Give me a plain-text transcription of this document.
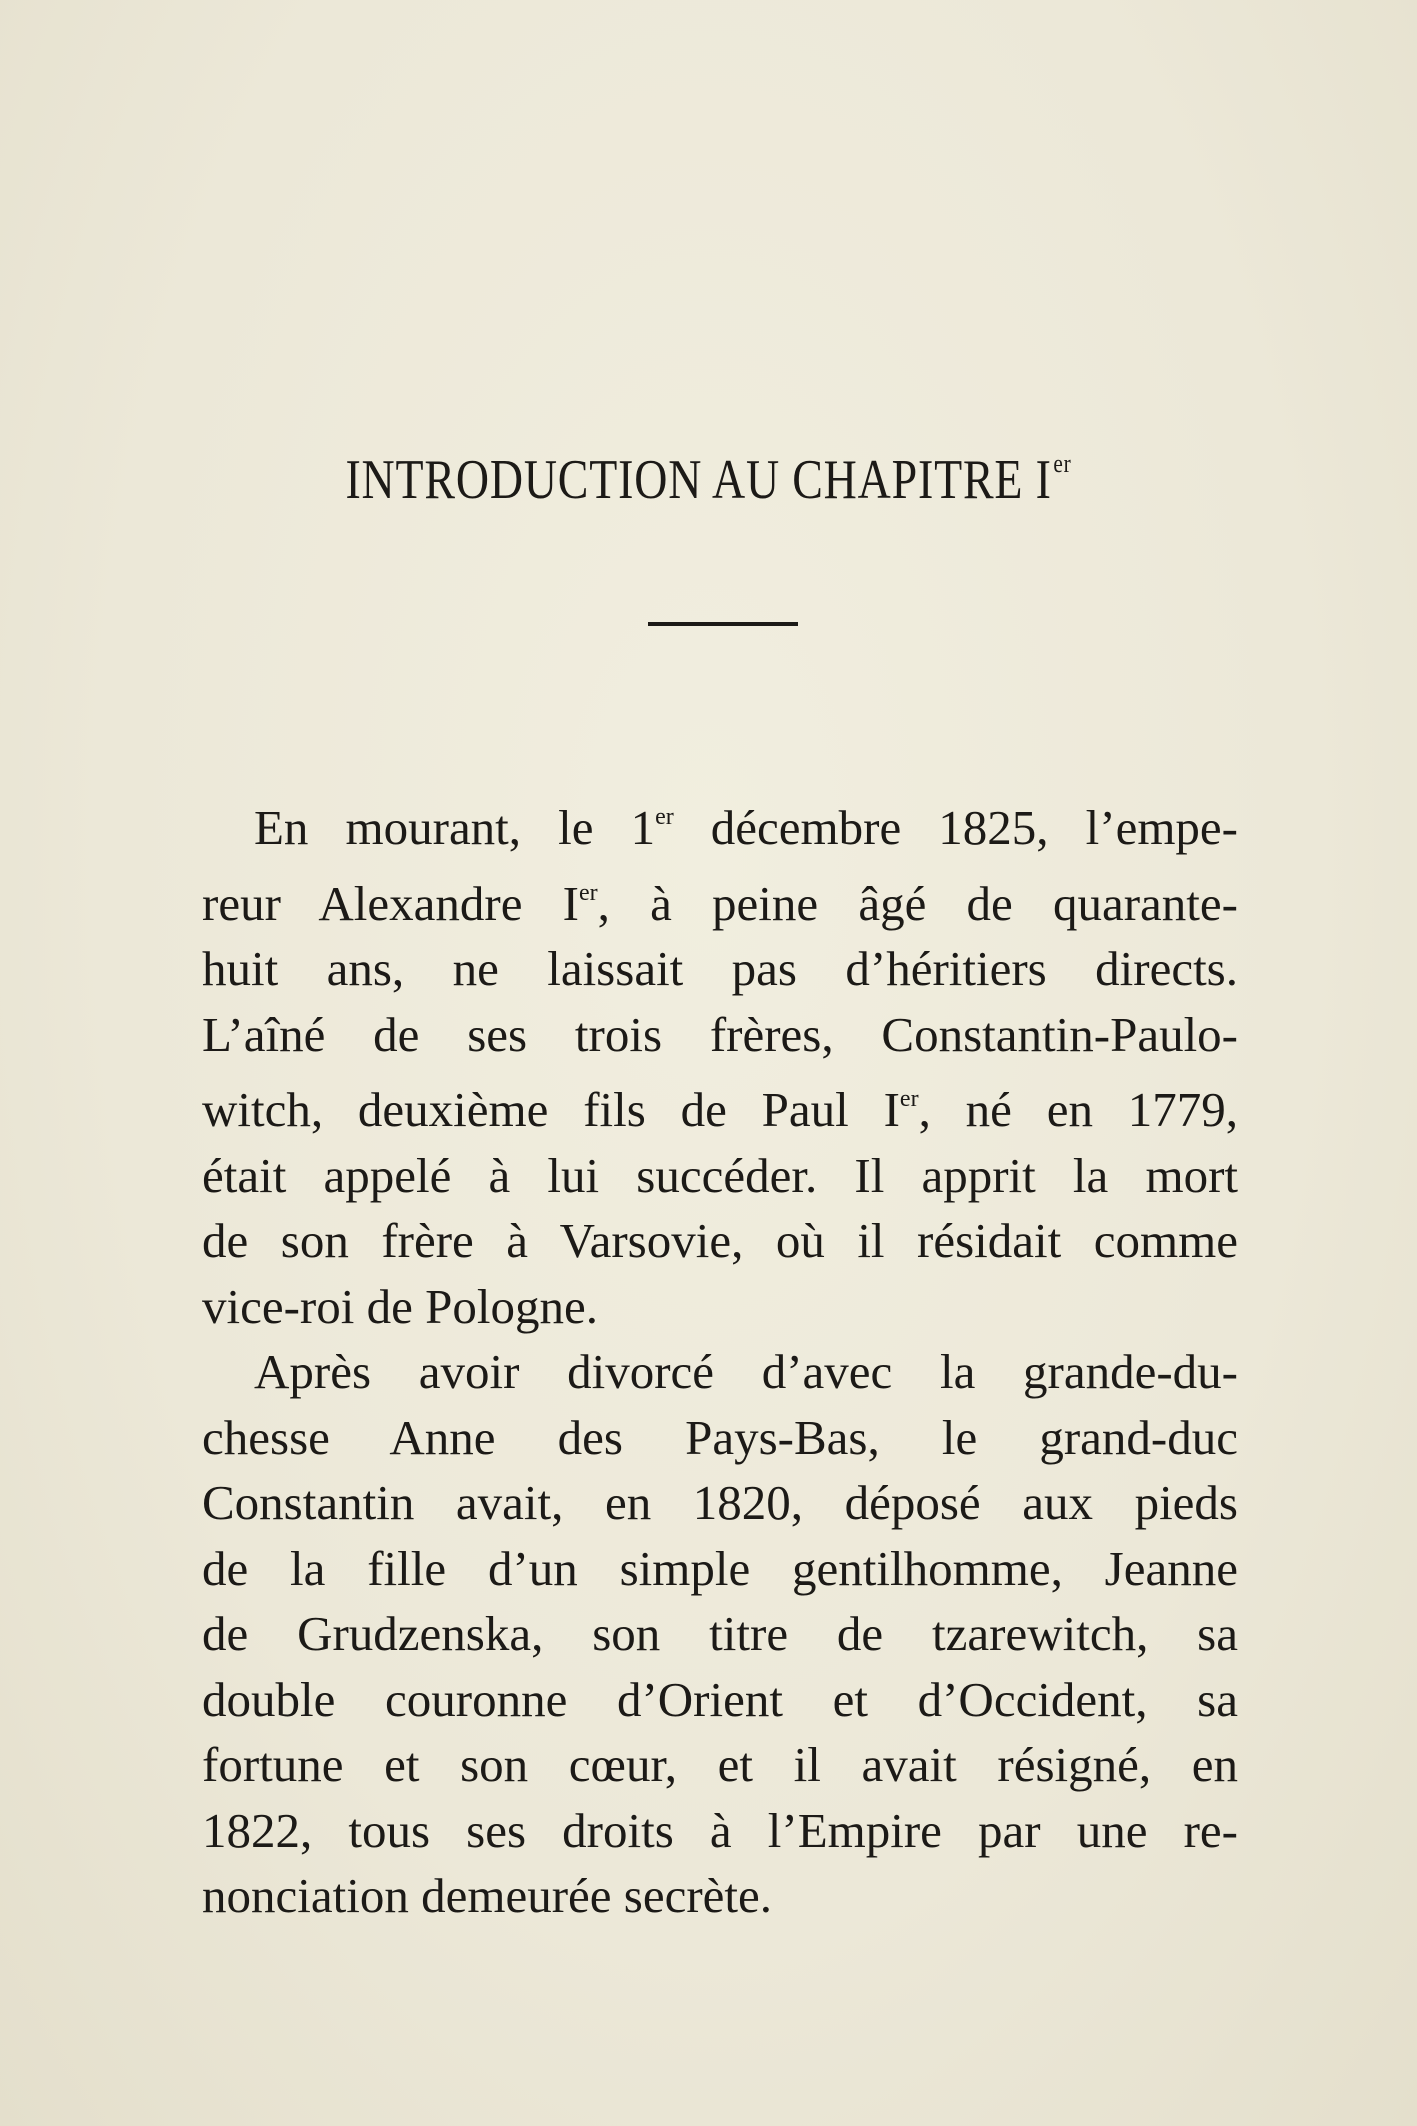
INTRODUCTION AU CHAPITRE Ier
En mourant, le 1er décembre 1825, l’empe-
reur Alexandre Ier, à peine âgé de quarante-
huit ans, ne laissait pas d’héritiers directs.
L’aîné de ses trois frères, Constantin-Paulo-
witch, deuxième fils de Paul Ier, né en 1779,
était appelé à lui succéder. Il apprit la mort
de son frère à Varsovie, où il résidait comme
vice-roi de Pologne.
Après avoir divorcé d’avec la grande-du-
chesse Anne des Pays-Bas, le grand-duc
Constantin avait, en 1820, déposé aux pieds
de la fille d’un simple gentilhomme, Jeanne
de Grudzenska, son titre de tzarewitch, sa
double couronne d’Orient et d’Occident, sa
fortune et son cœur, et il avait résigné, en
1822, tous ses droits à l’Empire par une re-
nonciation demeurée secrète.
